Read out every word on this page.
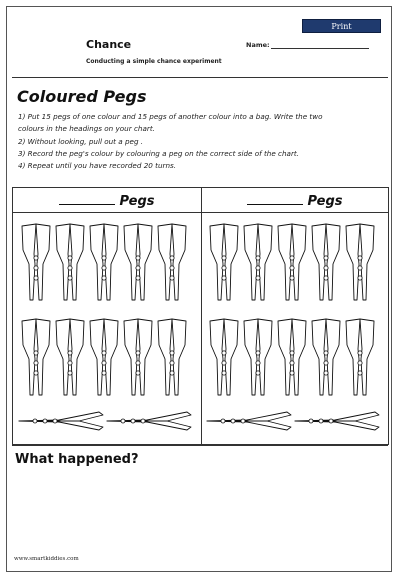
Print
Chance
Conducting a simple chance experiment
Name:
Coloured Pegs
1) Put 15 pegs of one colour and 15 pegs of another colour into a bag. Write the two
colours in the headings on your chart.
2) Without looking, pull out a peg .
3) Record the peg's colour by colouring a peg on the correct side of the chart.
4) Repeat until you have recorded 20 turns.
Pegs	Pegs
What happened?
www.smartkiddies.com
